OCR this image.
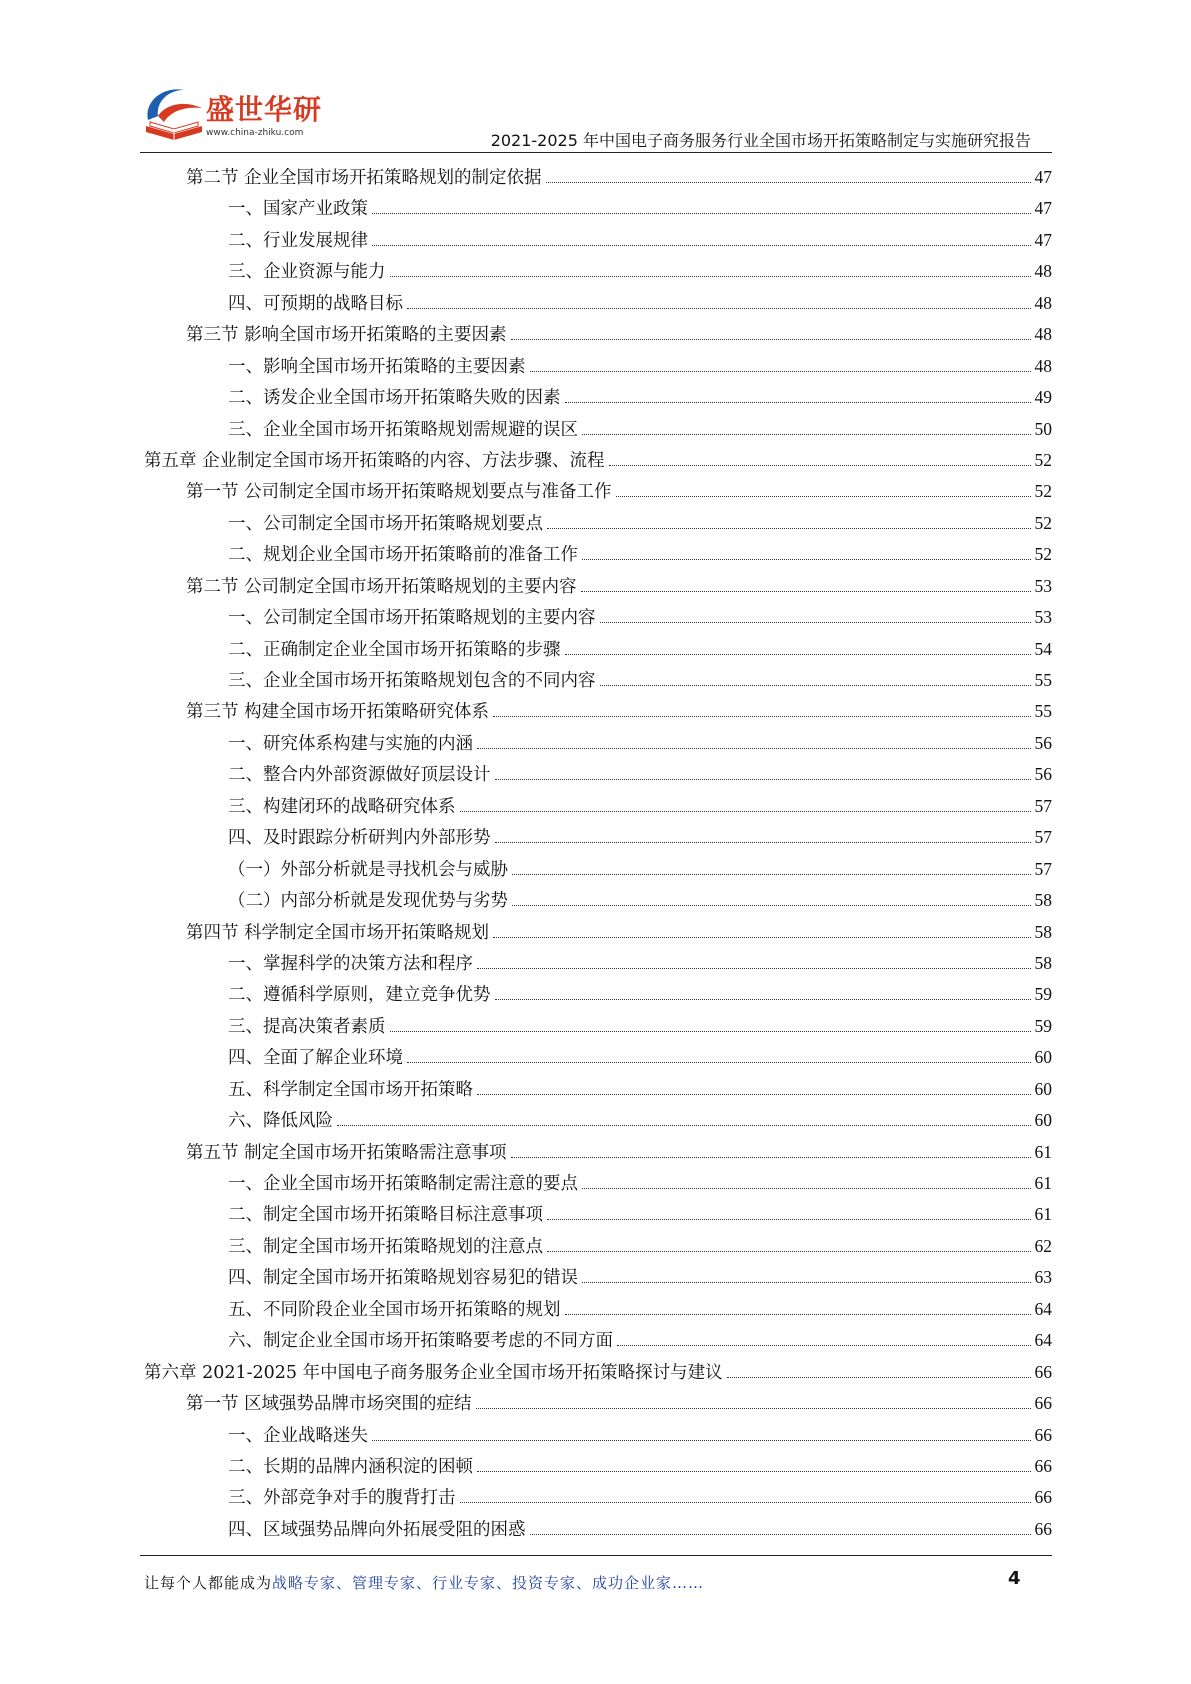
盛世华研
www.china-zhiku.com	2021-2025 年中国电子商务服务行业全国市场开拓策略制定与实施研究报告
第二节 企业全国市场开拓策略规划的制定依据	47
一、国家产业政策	47
二、行业发展规律	47
三、企业资源与能力	48
四、可预期的战略目标	48
第三节 影响全国市场开拓策略的主要因素	48
一、影响全国市场开拓策略的主要因素	48
二、诱发企业全国市场开拓策略失败的因素	49
三、企业全国市场开拓策略规划需规避的误区	50
第五章 企业制定全国市场开拓策略的内容、方法步骤、流程	52
第一节 公司制定全国市场开拓策略规划要点与准备工作	52
一、公司制定全国市场开拓策略规划要点	52
二、规划企业全国市场开拓策略前的准备工作	52
第二节 公司制定全国市场开拓策略规划的主要内容	53
一、公司制定全国市场开拓策略规划的主要内容	53
二、正确制定企业全国市场开拓策略的步骤	54
三、企业全国市场开拓策略规划包含的不同内容	55
第三节 构建全国市场开拓策略研究体系	55
一、研究体系构建与实施的内涵	56
二、整合内外部资源做好顶层设计	56
三、构建闭环的战略研究体系	57
四、及时跟踪分析研判内外部形势	57
（一）外部分析就是寻找机会与威胁	57
（二）内部分析就是发现优势与劣势	58
第四节 科学制定全国市场开拓策略规划	58
一、掌握科学的决策方法和程序	58
二、遵循科学原则，建立竞争优势	59
三、提高决策者素质	59
四、全面了解企业环境	60
五、科学制定全国市场开拓策略	60
六、降低风险	60
第五节 制定全国市场开拓策略需注意事项	61
一、企业全国市场开拓策略制定需注意的要点	61
二、制定全国市场开拓策略目标注意事项	61
三、制定全国市场开拓策略规划的注意点	62
四、制定全国市场开拓策略规划容易犯的错误	63
五、不同阶段企业全国市场开拓策略的规划	64
六、制定企业全国市场开拓策略要考虑的不同方面	64
第六章 2021-2025 年中国电子商务服务企业全国市场开拓策略探讨与建议	66
第一节 区域强势品牌市场突围的症结	66
一、企业战略迷失	66
二、长期的品牌内涵积淀的困顿	66
三、外部竞争对手的腹背打击	66
四、区域强势品牌向外拓展受阻的困惑	66
让每个人都能成为战略专家、管理专家、行业专家、投资专家、成功企业家……	4
